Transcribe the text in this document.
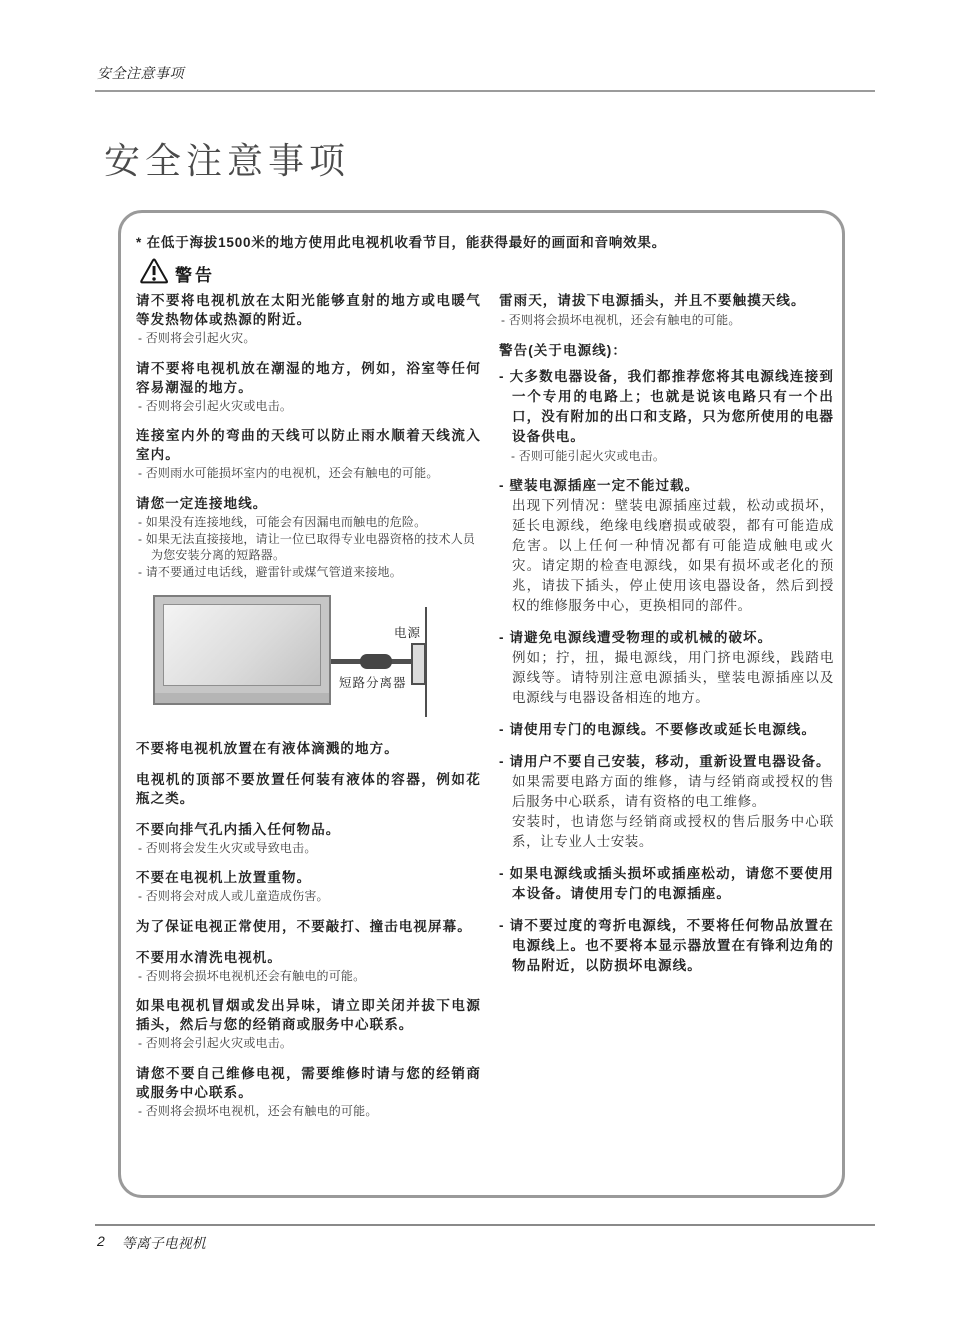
安全注意事项
安全注意事项
* 在低于海拔1500米的地方使用此电视机收看节目，能获得最好的画面和音响效果。
警告

请不要将电视机放在太阳光能够直射的地方或电暖气等发热物体或热源的附近。

- 否则将会引起火灾。

请不要将电视机放在潮湿的地方，例如，浴室等任何容易潮湿的地方。

- 否则将会引起火灾或电击。

连接室内外的弯曲的天线可以防止雨水顺着天线流入室内。

- 否则雨水可能损坏室内的电视机，还会有触电的可能。

请您一定连接地线。

- 如果没有连接地线，可能会有因漏电而触电的危险。

- 如果无法直接接地，请让一位已取得专业电器资格的技术人员为您安装分离的短路器。

- 请不要通过电话线，避雷针或煤气管道来接地。

电源
短路分离器

不要将电视机放置在有液体滴溅的地方。

电视机的顶部不要放置任何装有液体的容器，例如花瓶之类。

不要向排气孔内插入任何物品。

- 否则将会发生火灾或导致电击。

不要在电视机上放置重物。

- 否则将会对成人或儿童造成伤害。

为了保证电视正常使用，不要敲打、撞击电视屏幕。

不要用水清洗电视机。

- 否则将会损坏电视机还会有触电的可能。

如果电视机冒烟或发出异味，请立即关闭并拔下电源插头，然后与您的经销商或服务中心联系。

- 否则将会引起火灾或电击。

请您不要自己维修电视，需要维修时请与您的经销商或服务中心联系。

- 否则将会损坏电视机，还会有触电的可能。

雷雨天，请拔下电源插头，并且不要触摸天线。

- 否则将会损坏电视机，还会有触电的可能。

警告(关于电源线)：

- 大多数电器设备，我们都推荐您将其电源线连接到一个专用的电路上；也就是说该电路只有一个出口，没有附加的出口和支路，只为您所使用的电器设备供电。

- 否则可能引起火灾或电击。

- 壁装电源插座一定不能过载。

出现下列情况：壁装电源插座过载，松动或损坏，延长电源线，绝缘电线磨损或破裂，都有可能造成危害。以上任何一种情况都有可能造成触电或火灾。请定期的检查电源线，如果有损坏或老化的预兆，请拔下插头，停止使用该电器设备，然后到授权的维修服务中心，更换相同的部件。

- 请避免电源线遭受物理的或机械的破坏。

例如；拧，扭，撮电源线，用门挤电源线，践踏电源线等。请特别注意电源插头，壁装电源插座以及电源线与电器设备相连的地方。

- 请使用专门的电源线。不要修改或延长电源线。

- 请用户不要自己安装，移动，重新设置电器设备。

如果需要电路方面的维修，请与经销商或授权的售后服务中心联系，请有资格的电工维修。

安装时，也请您与经销商或授权的售后服务中心联系，让专业人士安装。

- 如果电源线或插头损坏或插座松动，请您不要使用本设备。请使用专门的电源插座。

- 请不要过度的弯折电源线，不要将任何物品放置在电源线上。也不要将本显示器放置在有锋利边角的物品附近，以防损坏电源线。

2 等离子电视机
